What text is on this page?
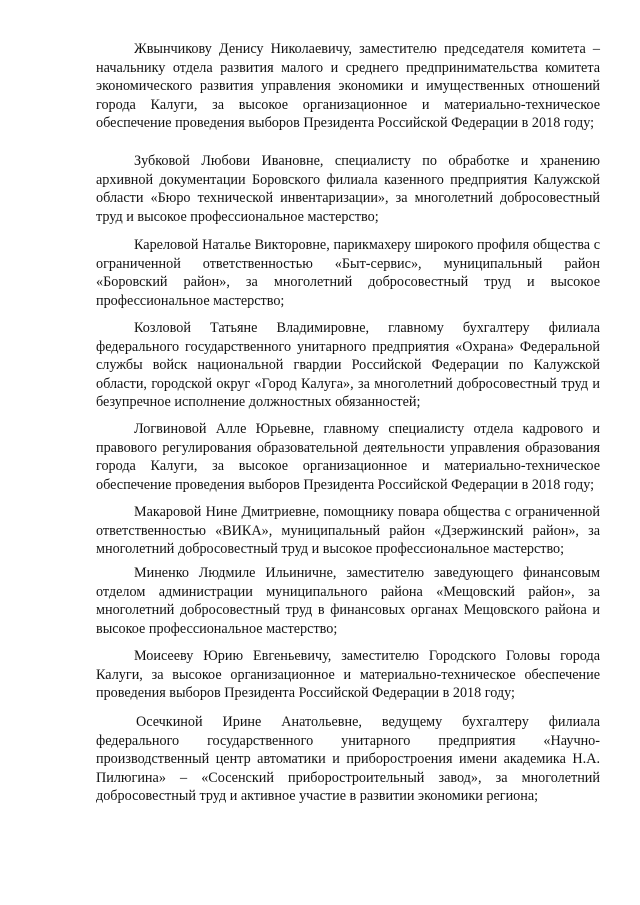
Жвынчикову Денису Николаевичу, заместителю председателя комитета – начальнику отдела развития малого и среднего предпринимательства комитета экономического развития управления экономики и имущественных отношений города Калуги, за высокое организационное и материально-техническое обеспечение проведения выборов Президента Российской Федерации в 2018 году;

Зубковой Любови Ивановне, специалисту по обработке и хранению архивной документации Боровского филиала казенного предприятия Калужской области «Бюро технической инвентаризации», за многолетний добросовестный труд и высокое профессиональное мастерство;

Кареловой Наталье Викторовне, парикмахеру широкого профиля общества с ограниченной ответственностью «Быт-сервис», муниципальный район «Боровский район», за многолетний добросовестный труд и высокое профессиональное мастерство;

Козловой Татьяне Владимировне, главному бухгалтеру филиала федерального государственного унитарного предприятия «Охрана» Федеральной службы войск национальной гвардии Российской Федерации по Калужской области, городской округ «Город Калуга», за многолетний добросовестный труд и безупречное исполнение должностных обязанностей;

Логвиновой Алле Юрьевне, главному специалисту отдела кадрового и правового регулирования образовательной деятельности управления образования города Калуги, за высокое организационное и материально-техническое обеспечение проведения выборов Президента Российской Федерации в 2018 году;

Макаровой Нине Дмитриевне, помощнику повара общества с ограниченной ответственностью «ВИКА», муниципальный район «Дзержинский район», за многолетний добросовестный труд и высокое профессиональное мастерство;

Миненко Людмиле Ильиничне, заместителю заведующего финансовым отделом администрации муниципального района «Мещовский район», за многолетний добросовестный труд в финансовых органах Мещовского района и высокое профессиональное мастерство;

Моисееву Юрию Евгеньевичу, заместителю Городского Головы города Калуги, за высокое организационное и материально-техническое обеспечение проведения выборов Президента Российской Федерации в 2018 году;

Осечкиной Ирине Анатольевне, ведущему бухгалтеру филиала федерального государственного унитарного предприятия «Научно-производственный центр автоматики и приборостроения имени академика Н.А. Пилюгина» – «Сосенский приборостроительный завод», за многолетний добросовестный труд и активное участие в развитии экономики региона;
